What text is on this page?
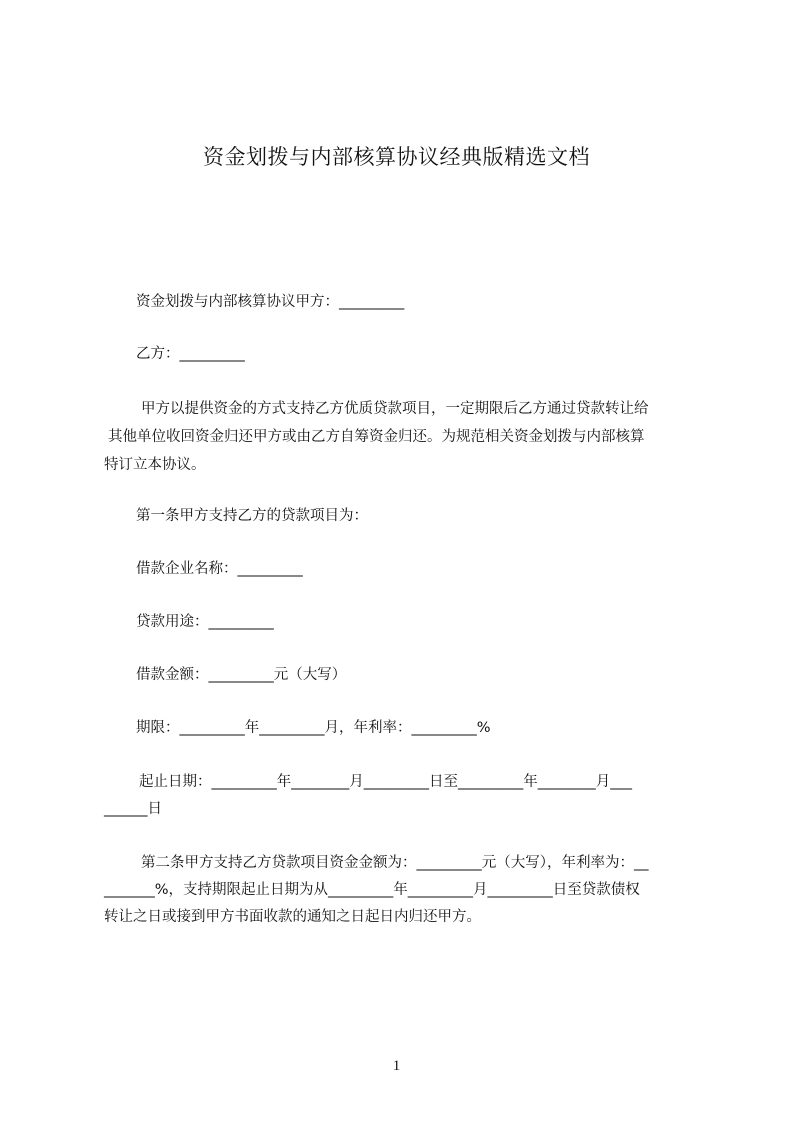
资金划拨与内部核算协议经典版精选文档
资金划拨与内部核算协议甲方：_________
乙方：_________
甲方以提供资金的方式支持乙方优质贷款项目，一定期限后乙方通过贷款转让给
其他单位收回资金归还甲方或由乙方自筹资金归还。为规范相关资金划拨与内部核算
特订立本协议。
第一条甲方支持乙方的贷款项目为：
借款企业名称：_________
贷款用途：_________
借款金额：_________元（大写）
期限：_________年_________月，年利率：_________%
起止日期：_________年________月_________日至_________年________月___
______日
第二条甲方支持乙方贷款项目资金金额为：_________元（大写），年利率为：__
_______%，支持期限起止日期为从_________年_________月_________日至贷款债权
转让之日或接到甲方书面收款的通知之日起日内归还甲方。
1
